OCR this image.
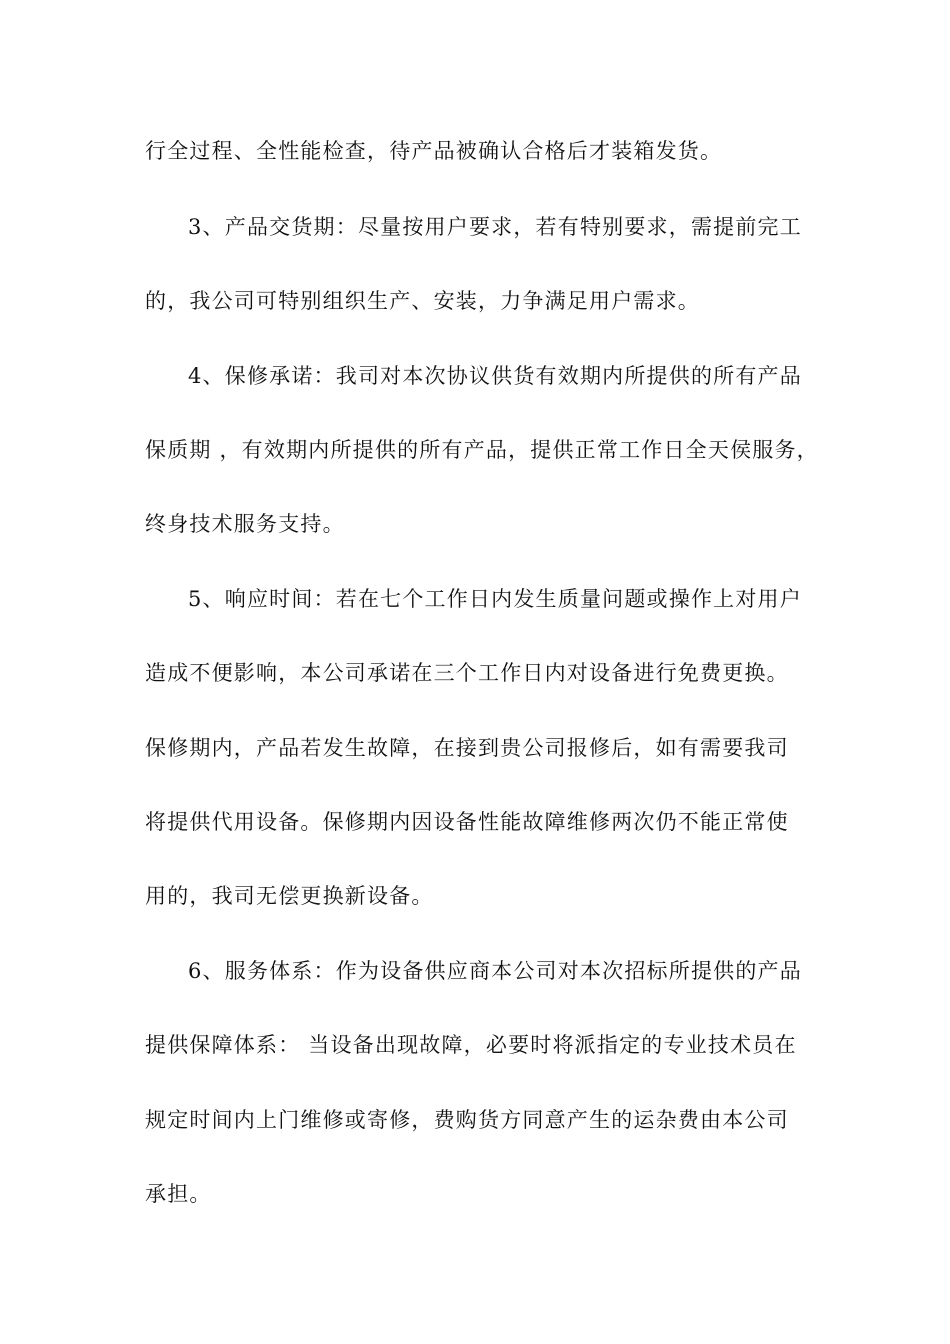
行全过程、全性能检查，待产品被确认合格后才装箱发货。
3、产品交货期：尽量按用户要求，若有特别要求，需提前完工
的，我公司可特别组织生产、安装，力争满足用户需求。
4、保修承诺：我司对本次协议供货有效期内所提供的所有产品
保质期 ，有效期内所提供的所有产品，提供正常工作日全天侯服务，
终身技术服务支持。
5、响应时间：若在七个工作日内发生质量问题或操作上对用户
造成不便影响，本公司承诺在三个工作日内对设备进行免费更换。
保修期内，产品若发生故障，在接到贵公司报修后，如有需要我司
将提供代用设备。保修期内因设备性能故障维修两次仍不能正常使
用的，我司无偿更换新设备。
6、服务体系：作为设备供应商本公司对本次招标所提供的产品
提供保障体系： 当设备出现故障，必要时将派指定的专业技术员在
规定时间内上门维修或寄修，费购货方同意产生的运杂费由本公司
承担。
